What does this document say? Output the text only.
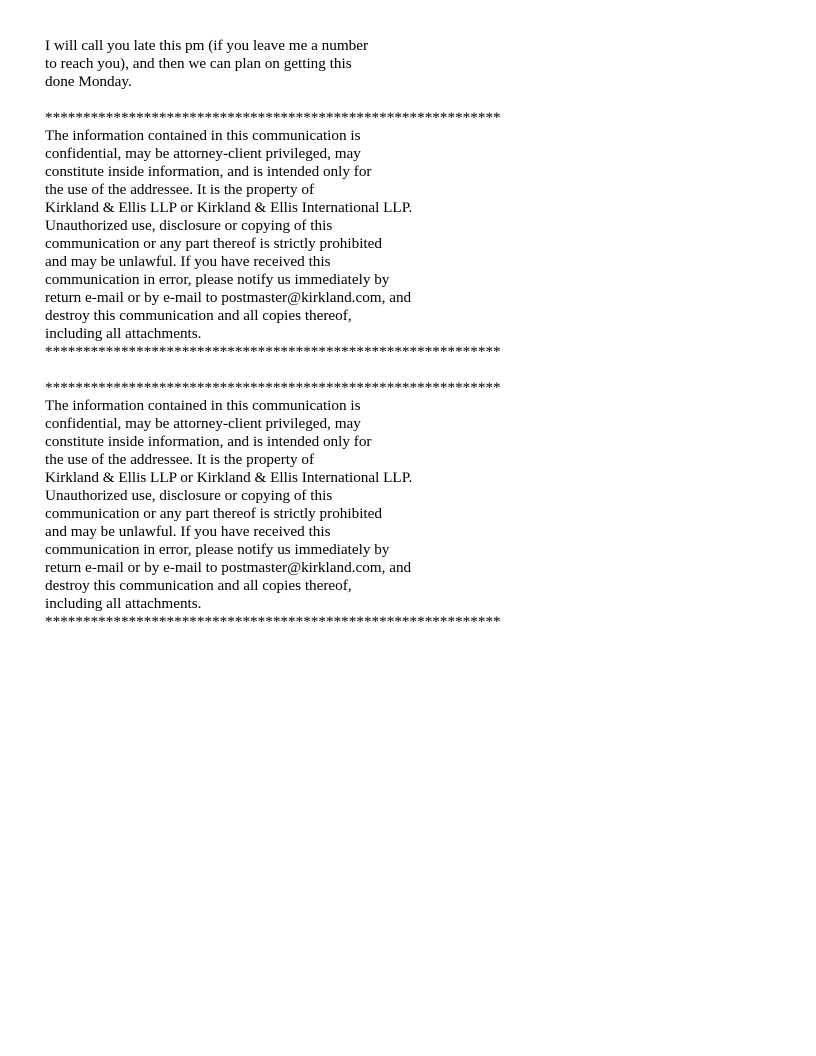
I will call you late this pm (if you leave me a number
to reach you), and then we can plan on getting this
done Monday.
************************************************************
The information contained in this communication is
confidential, may be attorney-client privileged, may
constitute inside information, and is intended only for
the use of the addressee. It is the property of
Kirkland & Ellis LLP or Kirkland & Ellis International LLP.
Unauthorized use, disclosure or copying of this
communication or any part thereof is strictly prohibited
and may be unlawful. If you have received this
communication in error, please notify us immediately by
return e-mail or by e-mail to postmaster@kirkland.com, and
destroy this communication and all copies thereof,
including all attachments.
************************************************************
************************************************************
The information contained in this communication is
confidential, may be attorney-client privileged, may
constitute inside information, and is intended only for
the use of the addressee. It is the property of
Kirkland & Ellis LLP or Kirkland & Ellis International LLP.
Unauthorized use, disclosure or copying of this
communication or any part thereof is strictly prohibited
and may be unlawful. If you have received this
communication in error, please notify us immediately by
return e-mail or by e-mail to postmaster@kirkland.com, and
destroy this communication and all copies thereof,
including all attachments.
************************************************************
